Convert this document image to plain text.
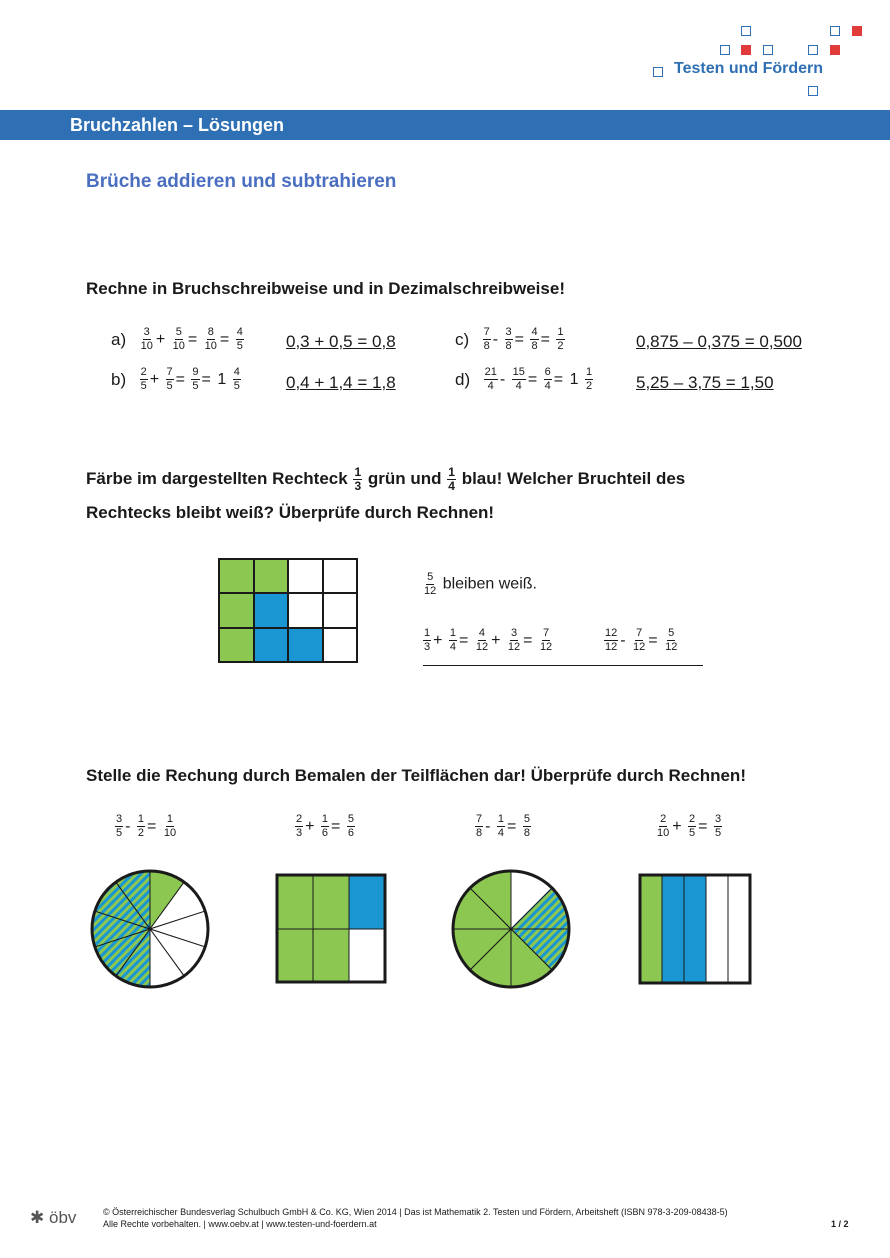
Testen und Fördern
Bruchzahlen – Lösungen
Brüche addieren und subtrahieren
Rechne in Bruchschreibweise und in Dezimalschreibweise!
$a) \frac{3}{10} + \frac{5}{10} = \frac{8}{10} = \frac{4}{5} 0,3 + 0,5 = 0,8$
$b) \frac{2}{5} + \frac{7}{5} = \frac{9}{5} = 1 \frac{4}{5}$	0,4 + 1,4 = 1,8
$c) \frac{7}{8} - \frac{3}{8} = \frac{4}{8} = \frac{1}{2}$	0,875 – 0,375 = 0,500
$d) \frac{21}{4} - \frac{15}{4} = \frac{6}{4} = 1 \frac{1}{2}$	5,25 – 3,75 = 1,50
Färbe im dargestellten Rechteck $\frac{1}{3}$ grün und $\frac{1}{4}$ blau! Welcher Bruchteil des
Rechtecks bleibt weiß? Überprüfe durch Rechnen!
$\frac{5}{12}$ bleiben weiß.
$\frac{1}{3} + \frac{1}{4} = \frac{4}{12} + \frac{3}{12} = \frac{7}{12}$	$\frac{12}{12} - \frac{7}{12} = \frac{5}{12}$
Stelle die Rechung durch Bemalen der Teilflächen dar! Überprüfe durch Rechnen!
$\frac{3}{5} - \frac{1}{2} = \frac{1}{10}$	$\frac{2}{3} + \frac{1}{6} = \frac{5}{6}$	$\frac{7}{8} - \frac{1}{4} = \frac{5}{8}$	$\frac{2}{10} + \frac{2}{5} = \frac{3}{5}$
✱ öbv	© Österreichischer Bundesverlag Schulbuch GmbH & Co. KG, Wien 2014 | Das ist Mathematik 2. Testen und Fördern, Arbeitsheft (ISBN 978-3-209-08438-5)
Alle Rechte vorbehalten. | www.oebv.at | www.testen-und-foerdern.at	1 / 2
